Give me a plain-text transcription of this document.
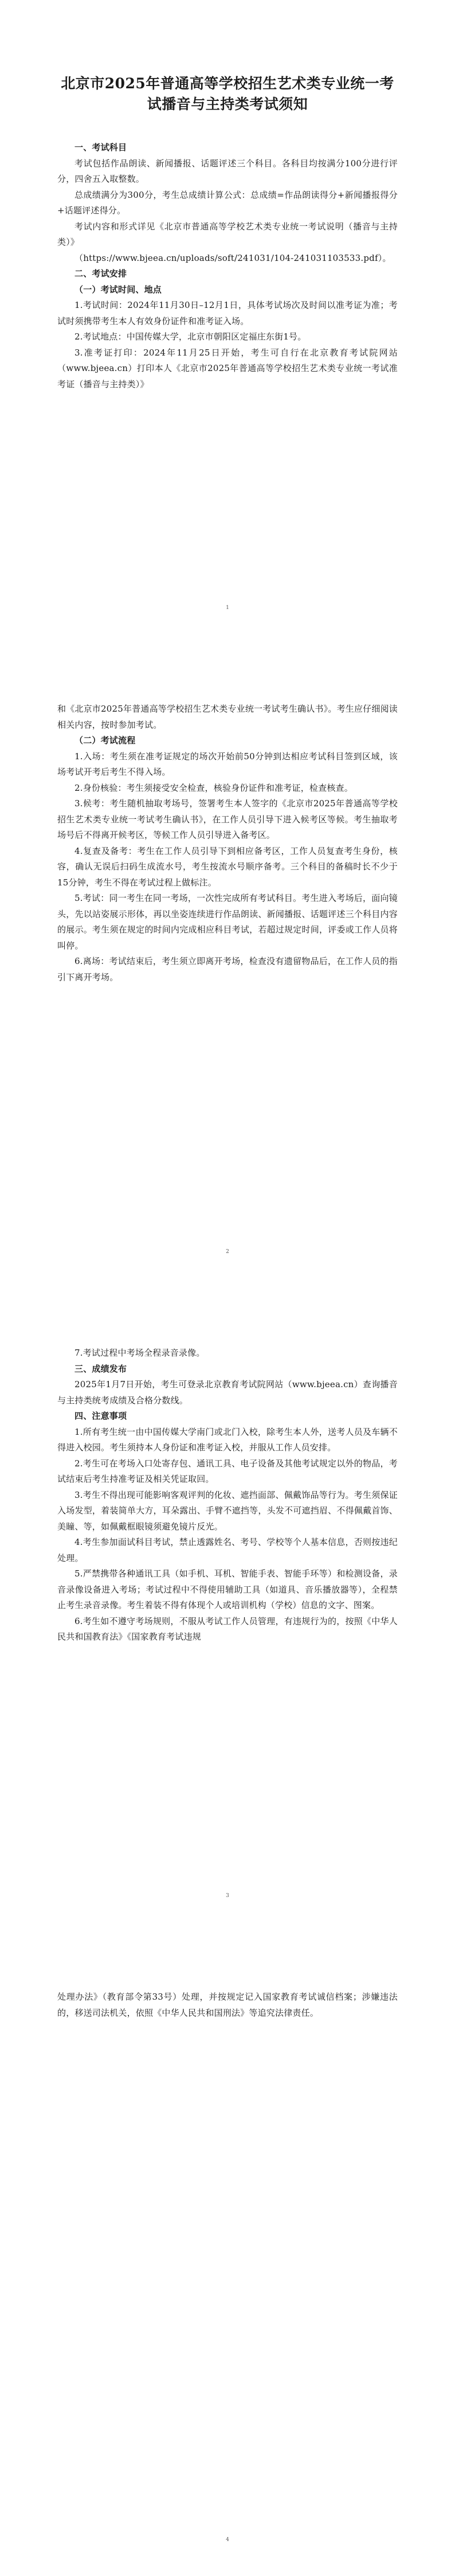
北京市2025年普通高等学校招生艺术类专业统一考试播音与主持类考试须知

一、考试科目

考试包括作品朗读、新闻播报、话题评述三个科目。各科目均按满分100分进行评分，四舍五入取整数。

总成绩满分为300分，考生总成绩计算公式：总成绩=作品朗读得分+新闻播报得分+话题评述得分。

考试内容和形式详见《北京市普通高等学校艺术类专业统一考试说明（播音与主持类）》

（https://www.bjeea.cn/uploads/soft/241031/104-241031103533.pdf）。

二、考试安排

（一）考试时间、地点

1.考试时间：2024年11月30日–12月1日，具体考试场次及时间以准考证为准；考试时须携带考生本人有效身份证件和准考证入场。

2.考试地点：中国传媒大学，北京市朝阳区定福庄东街1号。

3.准考证打印：2024年11月25日开始，考生可自行在北京教育考试院网站（www.bjeea.cn）打印本人《北京市2025年普通高等学校招生艺术类专业统一考试准考证（播音与主持类）》

1

和《北京市2025年普通高等学校招生艺术类专业统一考试考生确认书》。考生应仔细阅读相关内容，按时参加考试。

（二）考试流程

1.入场：考生须在准考证规定的场次开始前50分钟到达相应考试科目签到区域，该场考试开考后考生不得入场。

2.身份核验：考生须接受安全检查，核验身份证件和准考证，检查核查。

3.候考：考生随机抽取考场号，签署考生本人签字的《北京市2025年普通高等学校招生艺术类专业统一考试考生确认书》，在工作人员引导下进入候考区等候。考生抽取考场号后不得离开候考区，等候工作人员引导进入备考区。

4.复查及备考：考生在工作人员引导下到相应备考区，工作人员复查考生身份，核容，确认无误后扫码生成流水号，考生按流水号顺序备考。三个科目的备稿时长不少于15分钟，考生不得在考试过程上做标注。

5.考试：同一考生在同一考场，一次性完成所有考试科目。考生进入考场后，面向镜头，先以站姿展示形体，再以坐姿连续进行作品朗读、新闻播报、话题评述三个科目内容的展示。考生须在规定的时间内完成相应科目考试，若超过规定时间，评委或工作人员将叫停。

6.离场：考试结束后，考生须立即离开考场，检查没有遗留物品后，在工作人员的指引下离开考场。

2

7.考试过程中考场全程录音录像。

三、成绩发布

2025年1月7日开始，考生可登录北京教育考试院网站（www.bjeea.cn）查询播音与主持类统考成绩及合格分数线。

四、注意事项

1.所有考生统一由中国传媒大学南门或北门入校，除考生本人外，送考人员及车辆不得进入校园。考生须持本人身份证和准考证入校，并服从工作人员安排。

2.考生可在考场入口处寄存包、通讯工具、电子设备及其他考试规定以外的物品，考试结束后考生持准考证及相关凭证取回。

3.考生不得出现可能影响客观评判的化妆、遮挡面部、佩戴饰品等行为。考生须保证入场发型，着装简单大方，耳朵露出、手臂不遮挡等，头发不可遮挡眉、不得佩戴首饰、美瞳、等，如佩戴框眼镜须避免镜片反光。

4.考生参加面试科目考试，禁止透露姓名、考号、学校等个人基本信息，否则按违纪处理。

5.严禁携带各种通讯工具（如手机、耳机、智能手表、智能手环等）和检测设备，录音录像设备进入考场；考试过程中不得使用辅助工具（如道具、音乐播放器等），全程禁止考生录音录像。考生着装不得有体现个人或培训机构（学校）信息的文字、图案。

6.考生如不遵守考场规则，不服从考试工作人员管理，有违规行为的，按照《中华人民共和国教育法》《国家教育考试违规

3

处理办法》（教育部令第33号）处理，并按规定记入国家教育考试诚信档案；涉嫌违法的，移送司法机关，依照《中华人民共和国刑法》等追究法律责任。

4
